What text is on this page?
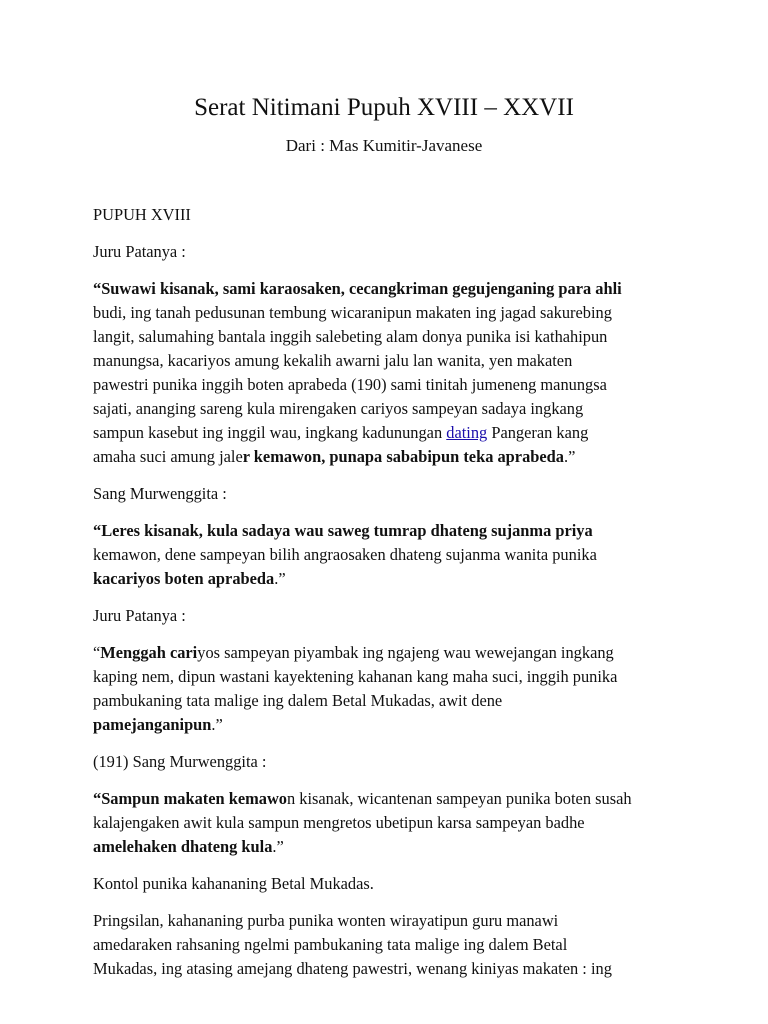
Serat Nitimani Pupuh XVIII – XXVII
Dari : Mas Kumitir-Javanese

PUPUH XVIII

Juru Patanya :

“Suwawi kisanak, sami karaosaken, cecangkriman gegujenganing para ahli
budi, ing tanah pedusunan tembung wicaranipun makaten ing jagad sakurebing
langit, salumahing bantala inggih salebeting alam donya punika isi kathahipun
manungsa, kacariyos amung kekalih awarni jalu lan wanita, yen makaten
pawestri punika inggih boten aprabeda (190) sami tinitah jumeneng manungsa
sajati, ananging sareng kula mirengaken cariyos sampeyan sadaya ingkang
sampun kasebut ing inggil wau, ingkang kadunungan dating Pangeran kang
amaha suci amung jaler kemawon, punapa sababipun teka aprabeda.”

Sang Murwenggita :

“Leres kisanak, kula sadaya wau saweg tumrap dhateng sujanma priya
kemawon, dene sampeyan bilih angraosaken dhateng sujanma wanita punika
kacariyos boten aprabeda.”

Juru Patanya :

“Menggah cariyos sampeyan piyambak ing ngajeng wau wewejangan ingkang
kaping nem, dipun wastani kayektening kahanan kang maha suci, inggih punika
pambukaning tata malige ing dalem Betal Mukadas, awit dene
pamejanganipun.”

(191) Sang Murwenggita :

“Sampun makaten kemawon kisanak, wicantenan sampeyan punika boten susah
kalajengaken awit kula sampun mengretos ubetipun karsa sampeyan badhe
amelehaken dhateng kula.”

Kontol punika kahananing Betal Mukadas.

Pringsilan, kahananing purba punika wonten wirayatipun guru manawi
amedaraken rahsaning ngelmi pambukaning tata malige ing dalem Betal
Mukadas, ing atasing amejang dhateng pawestri, wenang kiniyas makaten : ing
